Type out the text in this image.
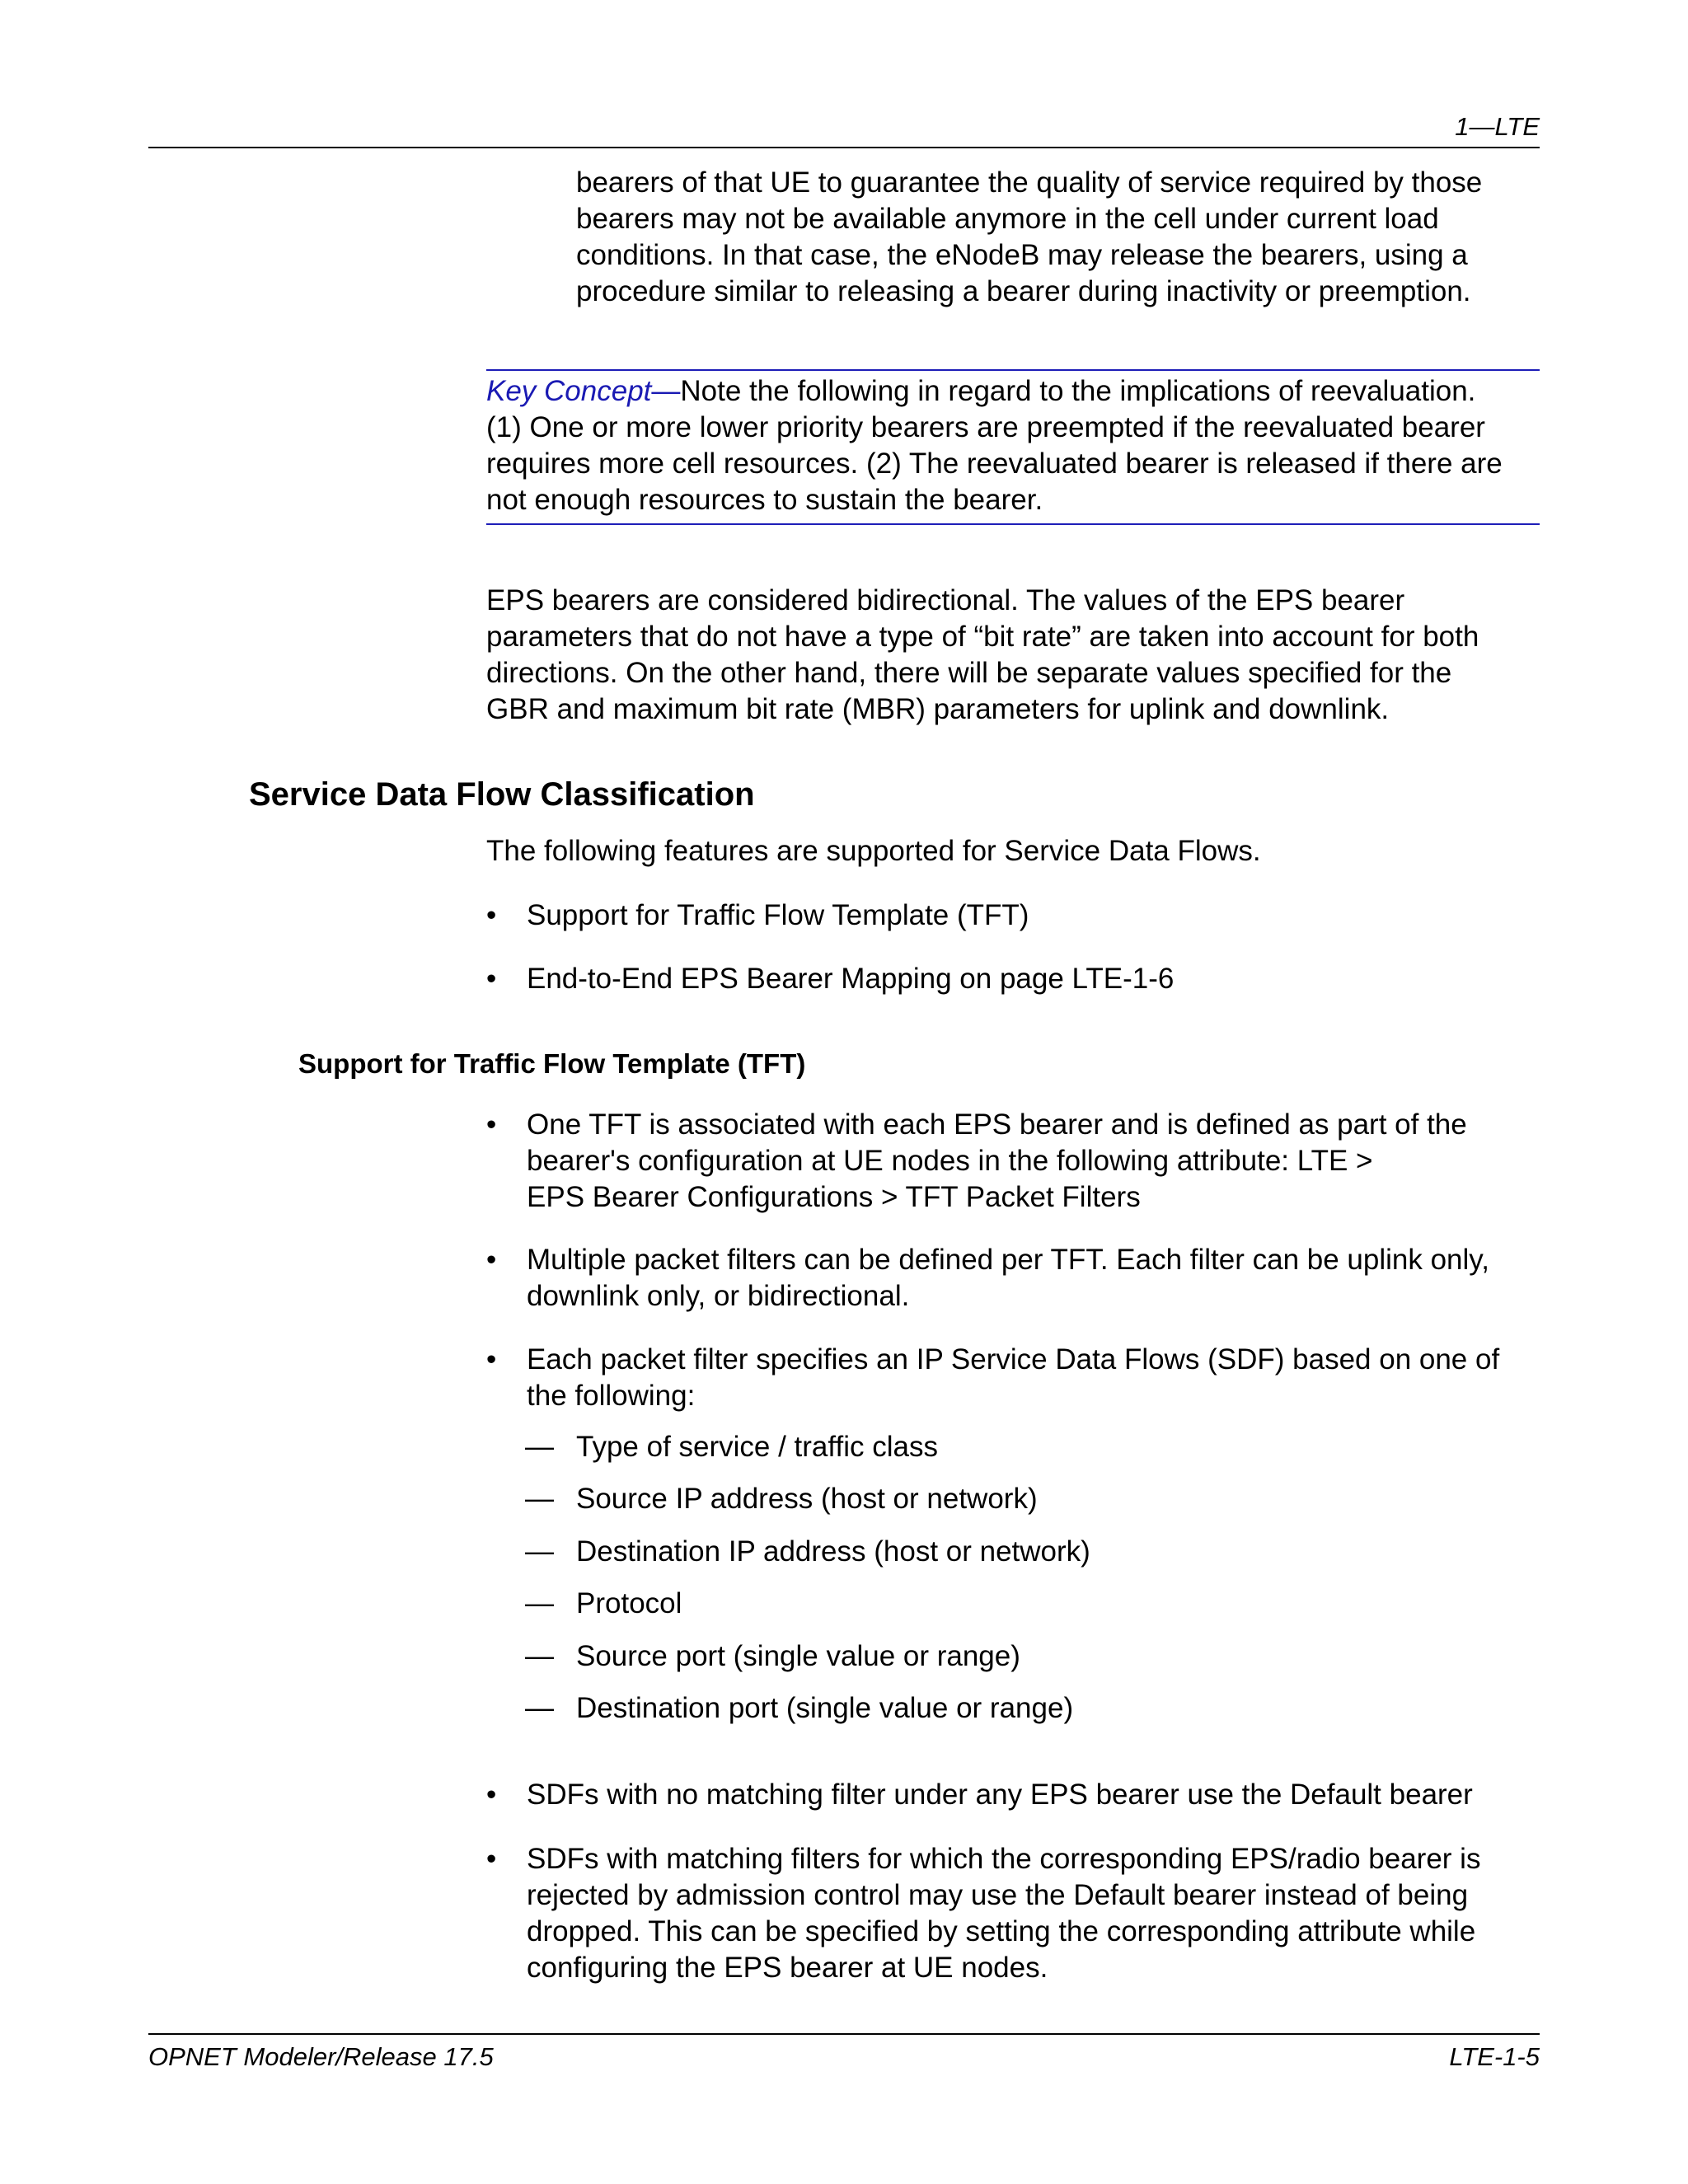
1—LTE
bearers of that UE to guarantee the quality of service required by those
bearers may not be available anymore in the cell under current load
conditions. In that case, the eNodeB may release the bearers, using a
procedure similar to releasing a bearer during inactivity or preemption.
Key Concept—Note the following in regard to the implications of reevaluation.
(1) One or more lower priority bearers are preempted if the reevaluated bearer
requires more cell resources. (2) The reevaluated bearer is released if there are
not enough resources to sustain the bearer.
EPS bearers are considered bidirectional. The values of the EPS bearer
parameters that do not have a type of “bit rate” are taken into account for both
directions. On the other hand, there will be separate values specified for the
GBR and maximum bit rate (MBR) parameters for uplink and downlink.
Service Data Flow Classification
The following features are supported for Service Data Flows.
• Support for Traffic Flow Template (TFT)
• End-to-End EPS Bearer Mapping on page LTE-1-6
Support for Traffic Flow Template (TFT)
• One TFT is associated with each EPS bearer and is defined as part of the
bearer's configuration at UE nodes in the following attribute: LTE >
EPS Bearer Configurations > TFT Packet Filters
• Multiple packet filters can be defined per TFT. Each filter can be uplink only,
downlink only, or bidirectional.
• Each packet filter specifies an IP Service Data Flows (SDF) based on one of
the following:
— Type of service / traffic class
— Source IP address (host or network)
— Destination IP address (host or network)
— Protocol
— Source port (single value or range)
— Destination port (single value or range)
• SDFs with no matching filter under any EPS bearer use the Default bearer
• SDFs with matching filters for which the corresponding EPS/radio bearer is
rejected by admission control may use the Default bearer instead of being
dropped. This can be specified by setting the corresponding attribute while
configuring the EPS bearer at UE nodes.
OPNET Modeler/Release 17.5	LTE-1-5
